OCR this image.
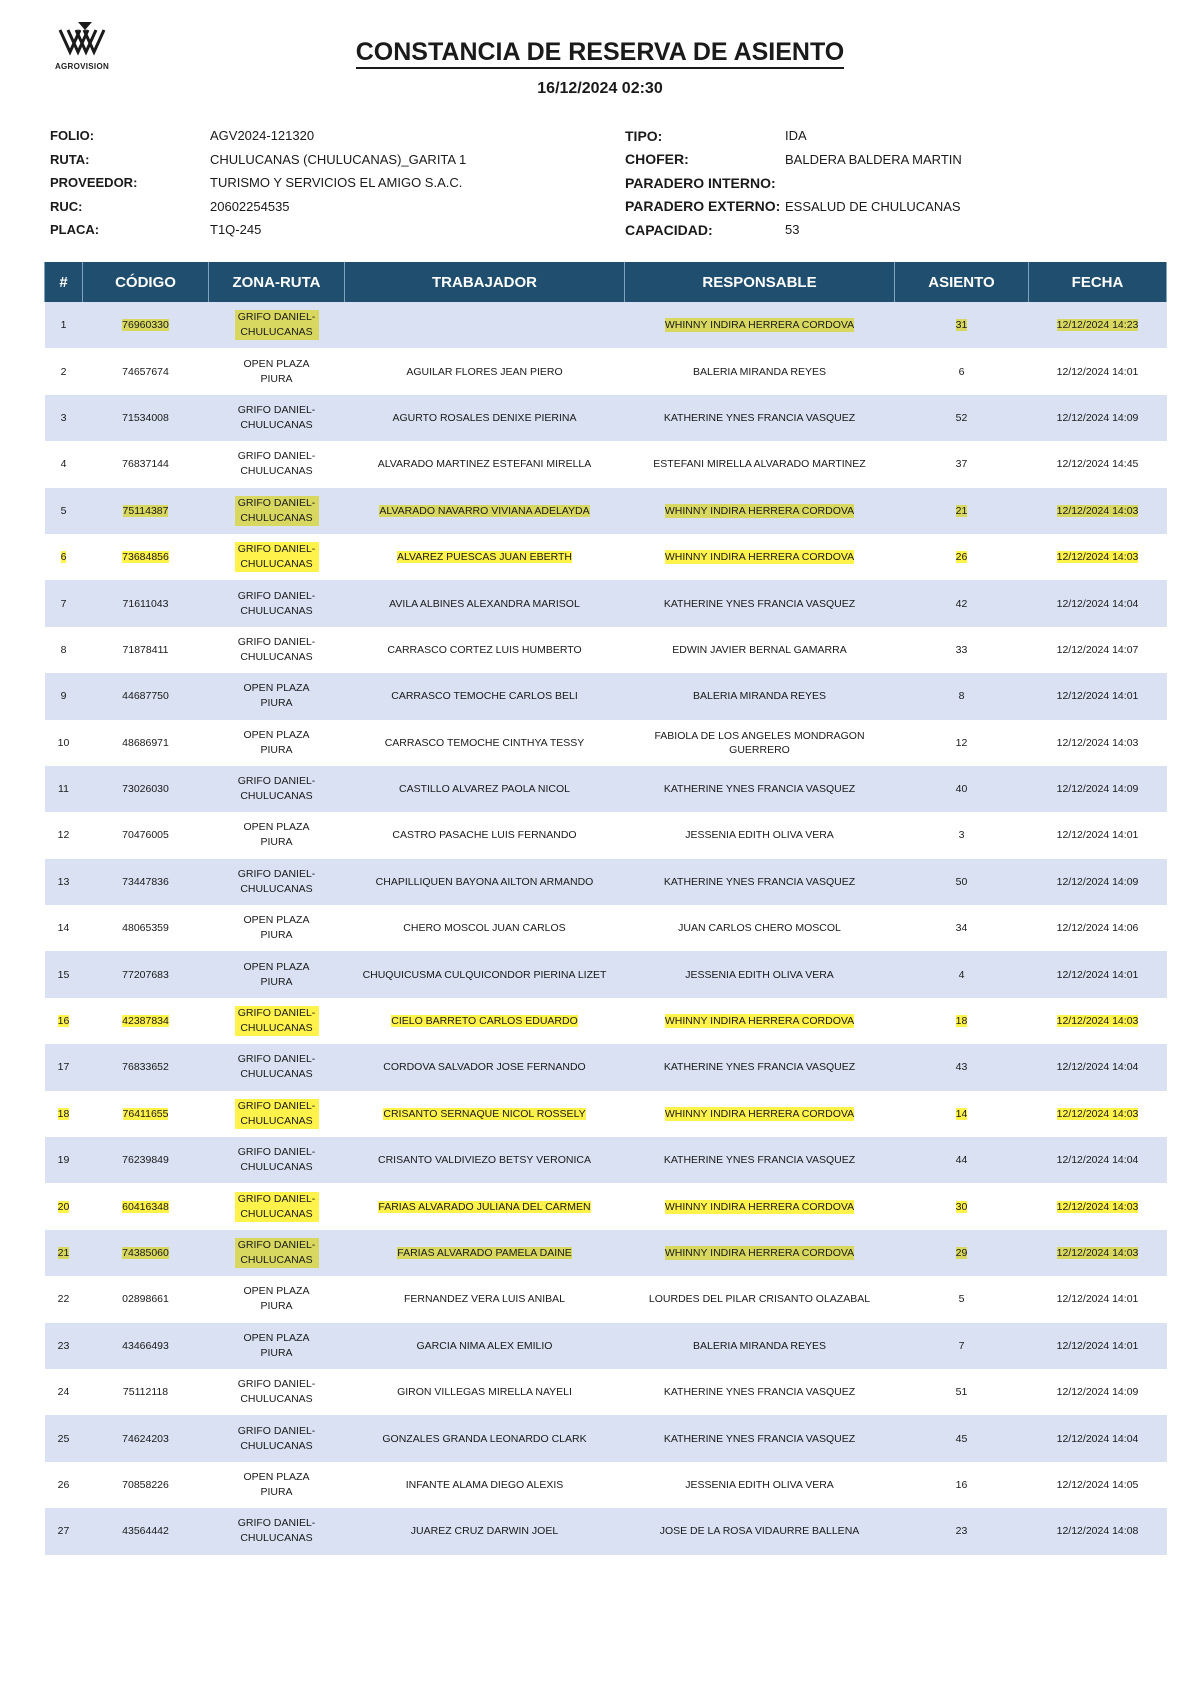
AGROVISION
CONSTANCIA DE RESERVA DE ASIENTO
16/12/2024 02:30
FOLIO:	AGV2024-121320
RUTA:	CHULUCANAS (CHULUCANAS)_GARITA 1
PROVEEDOR:	TURISMO Y SERVICIOS EL AMIGO S.A.C.
RUC:	20602254535
PLACA:	T1Q-245
TIPO:	IDA
CHOFER:	BALDERA BALDERA MARTIN
PARADERO INTERNO:
PARADERO EXTERNO: ESSALUD DE CHULUCANAS
CAPACIDAD:	53
#	CÓDIGO	ZONA-RUTA	TRABAJADOR	RESPONSABLE	ASIENTO	FECHA
1	76960330	GRIFO DANIEL-CHULUCANAS		WHINNY INDIRA HERRERA CORDOVA	31	12/12/2024 14:23
2	74657674	OPEN PLAZA PIURA	AGUILAR FLORES JEAN PIERO	BALERIA MIRANDA REYES	6	12/12/2024 14:01
3	71534008	GRIFO DANIEL-CHULUCANAS	AGURTO ROSALES DENIXE PIERINA	KATHERINE YNES FRANCIA VASQUEZ	52	12/12/2024 14:09
4	76837144	GRIFO DANIEL-CHULUCANAS	ALVARADO MARTINEZ ESTEFANI MIRELLA	ESTEFANI MIRELLA ALVARADO MARTINEZ	37	12/12/2024 14:45
5	75114387	GRIFO DANIEL-CHULUCANAS	ALVARADO NAVARRO VIVIANA ADELAYDA	WHINNY INDIRA HERRERA CORDOVA	21	12/12/2024 14:03
6	73684856	GRIFO DANIEL-CHULUCANAS	ALVAREZ PUESCAS JUAN EBERTH	WHINNY INDIRA HERRERA CORDOVA	26	12/12/2024 14:03
7	71611043	GRIFO DANIEL-CHULUCANAS	AVILA ALBINES ALEXANDRA MARISOL	KATHERINE YNES FRANCIA VASQUEZ	42	12/12/2024 14:04
8	71878411	GRIFO DANIEL-CHULUCANAS	CARRASCO CORTEZ LUIS HUMBERTO	EDWIN JAVIER BERNAL GAMARRA	33	12/12/2024 14:07
9	44687750	OPEN PLAZA PIURA	CARRASCO TEMOCHE CARLOS BELI	BALERIA MIRANDA REYES	8	12/12/2024 14:01
10	48686971	OPEN PLAZA PIURA	CARRASCO TEMOCHE CINTHYA TESSY	FABIOLA DE LOS ANGELES MONDRAGON GUERRERO	12	12/12/2024 14:03
11	73026030	GRIFO DANIEL-CHULUCANAS	CASTILLO ALVAREZ PAOLA NICOL	KATHERINE YNES FRANCIA VASQUEZ	40	12/12/2024 14:09
12	70476005	OPEN PLAZA PIURA	CASTRO PASACHE LUIS FERNANDO	JESSENIA EDITH OLIVA VERA	3	12/12/2024 14:01
13	73447836	GRIFO DANIEL-CHULUCANAS	CHAPILLIQUEN BAYONA AILTON ARMANDO	KATHERINE YNES FRANCIA VASQUEZ	50	12/12/2024 14:09
14	48065359	OPEN PLAZA PIURA	CHERO MOSCOL JUAN CARLOS	JUAN CARLOS CHERO MOSCOL	34	12/12/2024 14:06
15	77207683	OPEN PLAZA PIURA	CHUQUICUSMA CULQUICONDOR PIERINA LIZET	JESSENIA EDITH OLIVA VERA	4	12/12/2024 14:01
16	42387834	GRIFO DANIEL-CHULUCANAS	CIELO BARRETO CARLOS EDUARDO	WHINNY INDIRA HERRERA CORDOVA	18	12/12/2024 14:03
17	76833652	GRIFO DANIEL-CHULUCANAS	CORDOVA SALVADOR JOSE FERNANDO	KATHERINE YNES FRANCIA VASQUEZ	43	12/12/2024 14:04
18	76411655	GRIFO DANIEL-CHULUCANAS	CRISANTO SERNAQUE NICOL ROSSELY	WHINNY INDIRA HERRERA CORDOVA	14	12/12/2024 14:03
19	76239849	GRIFO DANIEL-CHULUCANAS	CRISANTO VALDIVIEZO BETSY VERONICA	KATHERINE YNES FRANCIA VASQUEZ	44	12/12/2024 14:04
20	60416348	GRIFO DANIEL-CHULUCANAS	FARIAS ALVARADO JULIANA DEL CARMEN	WHINNY INDIRA HERRERA CORDOVA	30	12/12/2024 14:03
21	74385060	GRIFO DANIEL-CHULUCANAS	FARIAS ALVARADO PAMELA DAINE	WHINNY INDIRA HERRERA CORDOVA	29	12/12/2024 14:03
22	02898661	OPEN PLAZA PIURA	FERNANDEZ VERA LUIS ANIBAL	LOURDES DEL PILAR CRISANTO OLAZABAL	5	12/12/2024 14:01
23	43466493	OPEN PLAZA PIURA	GARCIA NIMA ALEX EMILIO	BALERIA MIRANDA REYES	7	12/12/2024 14:01
24	75112118	GRIFO DANIEL-CHULUCANAS	GIRON VILLEGAS MIRELLA NAYELI	KATHERINE YNES FRANCIA VASQUEZ	51	12/12/2024 14:09
25	74624203	GRIFO DANIEL-CHULUCANAS	GONZALES GRANDA LEONARDO CLARK	KATHERINE YNES FRANCIA VASQUEZ	45	12/12/2024 14:04
26	70858226	OPEN PLAZA PIURA	INFANTE ALAMA DIEGO ALEXIS	JESSENIA EDITH OLIVA VERA	16	12/12/2024 14:05
27	43564442	GRIFO DANIEL-CHULUCANAS	JUAREZ CRUZ DARWIN JOEL	JOSE DE LA ROSA VIDAURRE BALLENA	23	12/12/2024 14:08
